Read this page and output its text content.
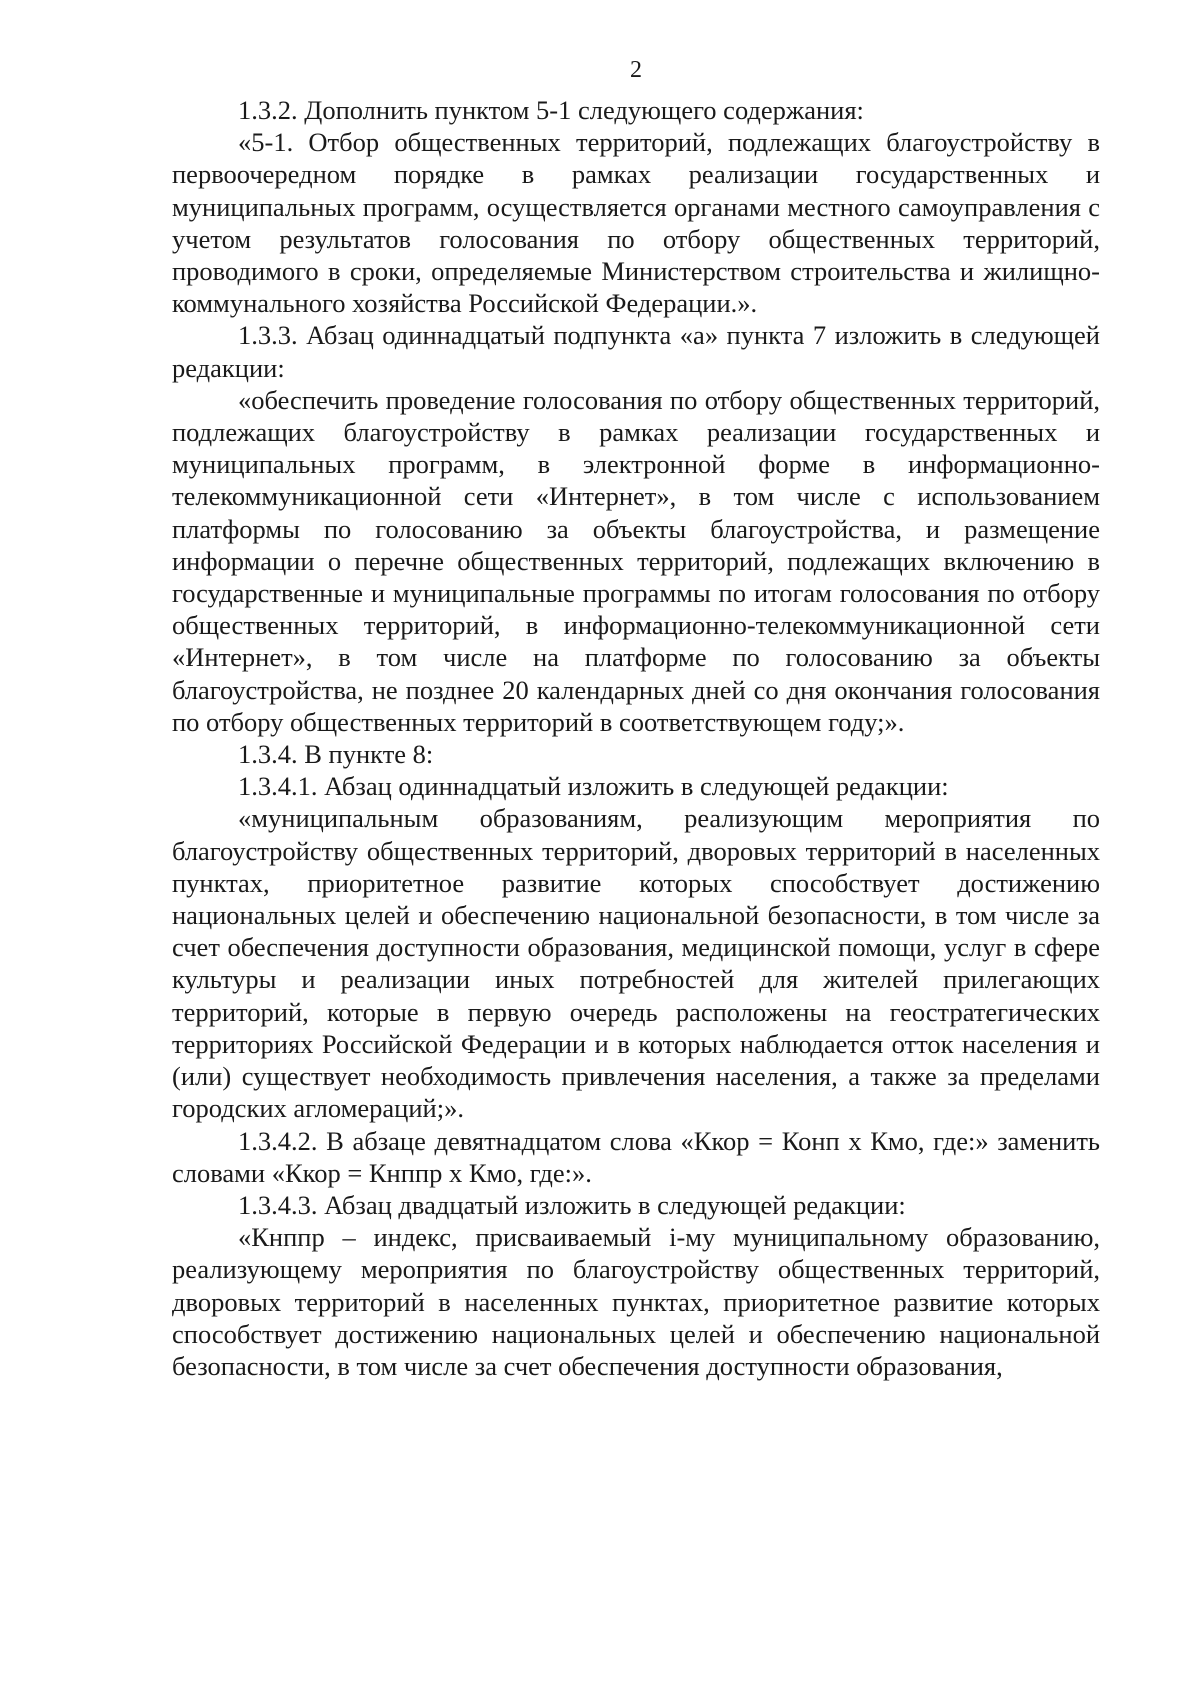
2

1.3.2. Дополнить пунктом 5-1 следующего содержания:

«5-1. Отбор общественных территорий, подлежащих благоустройству в первоочередном порядке в рамках реализации государственных и муниципальных программ, осуществляется органами местного самоуправления с учетом результатов голосования по отбору общественных территорий, проводимого в сроки, определяемые Министерством строительства и жилищно-коммунального хозяйства Российской Федерации.».

1.3.3. Абзац одиннадцатый подпункта «а» пункта 7 изложить в следующей редакции:

«обеспечить проведение голосования по отбору общественных территорий, подлежащих благоустройству в рамках реализации государственных и муниципальных программ, в электронной форме в информационно-телекоммуникационной сети «Интернет», в том числе с использованием платформы по голосованию за объекты благоустройства, и размещение информации о перечне общественных территорий, подлежащих включению в государственные и муниципальные программы по итогам голосования по отбору общественных территорий, в информационно-телекоммуникационной сети «Интернет», в том числе на платформе по голосованию за объекты благоустройства, не позднее 20 календарных дней со дня окончания голосования по отбору общественных территорий в соответствующем году;».

1.3.4. В пункте 8:

1.3.4.1. Абзац одиннадцатый изложить в следующей редакции:

«муниципальным образованиям, реализующим мероприятия по благоустройству общественных территорий, дворовых территорий в населенных пунктах, приоритетное развитие которых способствует достижению национальных целей и обеспечению национальной безопасности, в том числе за счет обеспечения доступности образования, медицинской помощи, услуг в сфере культуры и реализации иных потребностей для жителей прилегающих территорий, которые в первую очередь расположены на геостратегических территориях Российской Федерации и в которых наблюдается отток населения и (или) существует необходимость привлечения населения, а также за пределами городских агломераций;».

1.3.4.2. В абзаце девятнадцатом слова «Ккор = Конп х Кмо, где:» заменить словами «Ккор = Кнппр х Кмо, где:».

1.3.4.3. Абзац двадцатый изложить в следующей редакции:

«Кнппр – индекс, присваиваемый i-му муниципальному образованию, реализующему мероприятия по благоустройству общественных территорий, дворовых территорий в населенных пунктах, приоритетное развитие которых способствует достижению национальных целей и обеспечению национальной безопасности, в том числе за счет обеспечения доступности образования,
